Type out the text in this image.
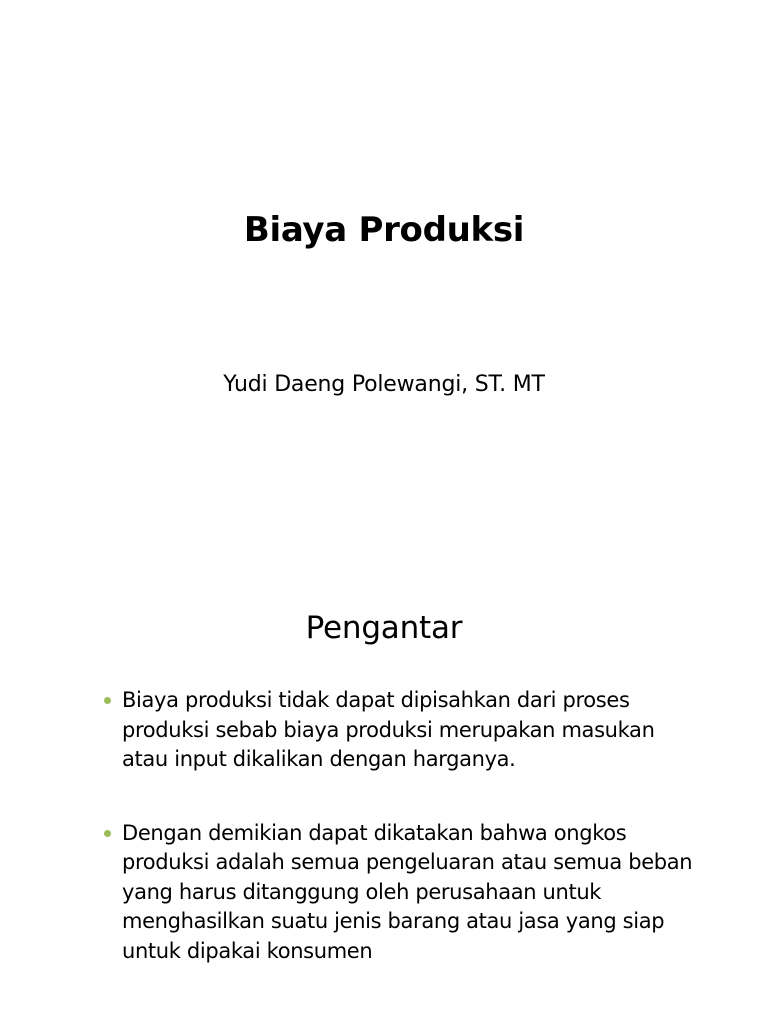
Biaya Produksi
Yudi Daeng Polewangi, ST. MT
Pengantar
Biaya produksi tidak dapat dipisahkan dari proses produksi sebab biaya produksi merupakan masukan atau input dikalikan dengan harganya.
Dengan demikian dapat dikatakan bahwa ongkos produksi adalah semua pengeluaran atau semua beban yang harus ditanggung oleh perusahaan untuk menghasilkan suatu jenis barang atau jasa yang siap untuk dipakai konsumen
